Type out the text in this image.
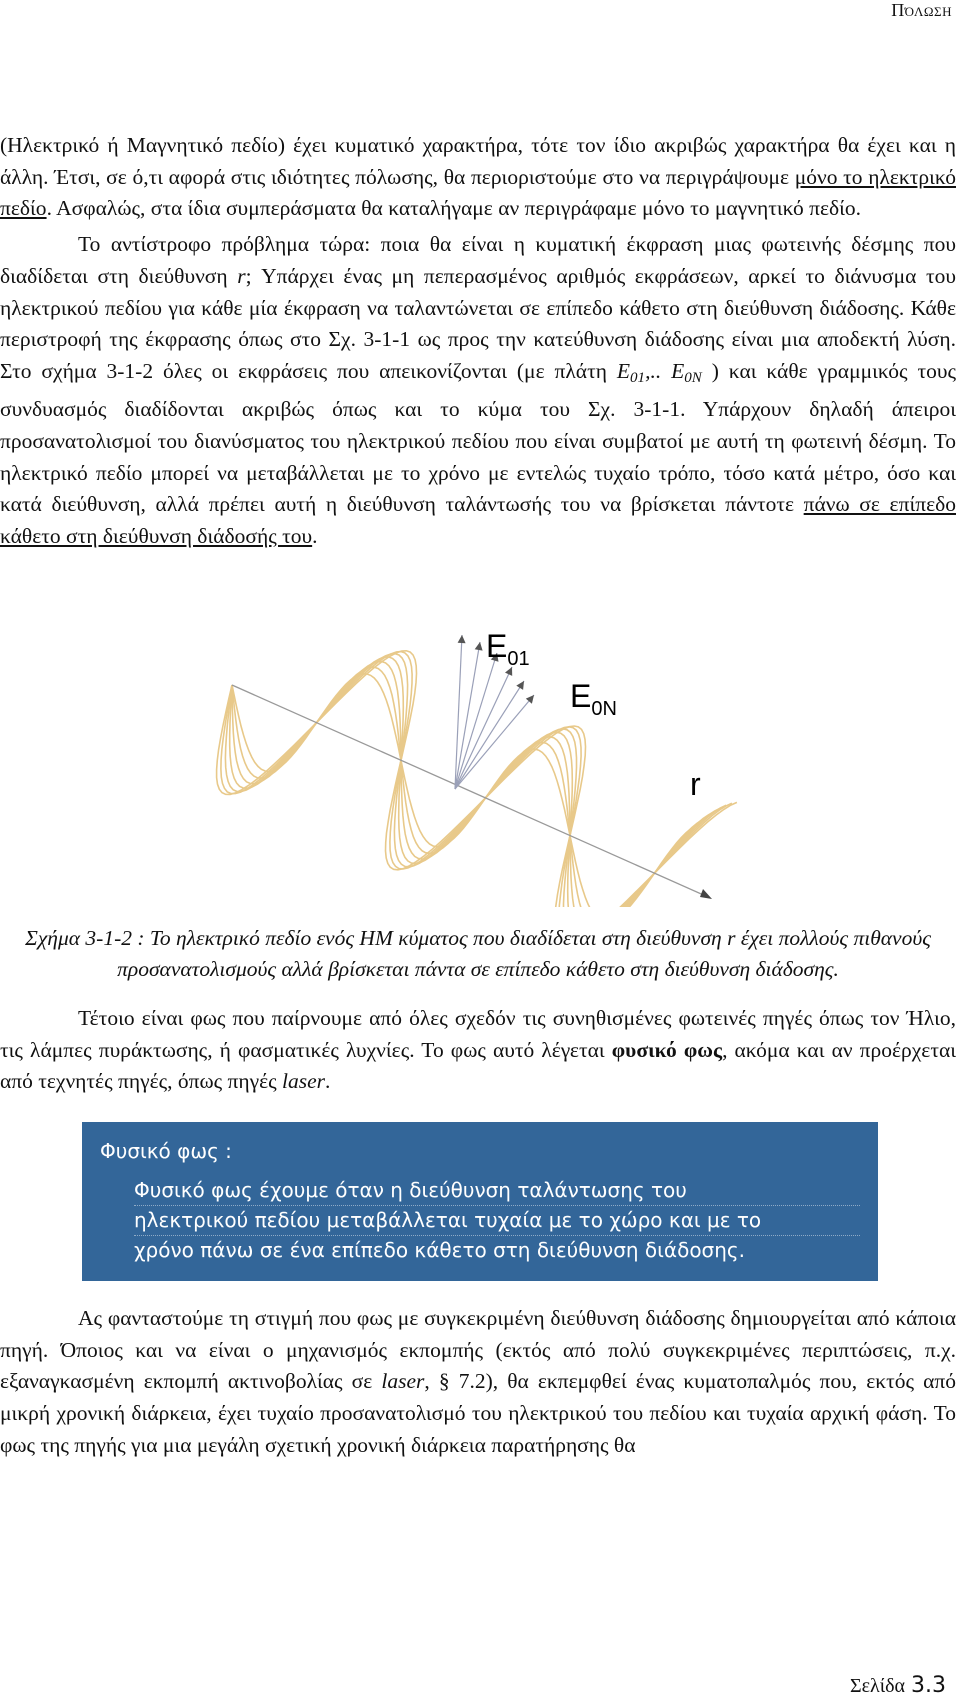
Πόλωση

(Ηλεκτρικό ή Μαγνητικό πεδίο) έχει κυματικό χαρακτήρα, τότε τον ίδιο ακριβώς χαρακτήρα θα έχει και η άλλη. Έτσι, σε ό,τι αφορά στις ιδιότητες πόλωσης, θα περιοριστούμε στο να περιγράψουμε μόνο το ηλεκτρικό πεδίο. Ασφαλώς, στα ίδια συμπεράσματα θα καταλήγαμε αν περιγράφαμε μόνο το μαγνητικό πεδίο.

Το αντίστροφο πρόβλημα τώρα: ποια θα είναι η κυματική έκφραση μιας φωτεινής δέσμης που διαδίδεται στη διεύθυνση r; Υπάρχει ένας μη πεπερασμένος αριθμός εκφράσεων, αρκεί το διάνυσμα του ηλεκτρικού πεδίου για κάθε μία έκφραση να ταλαντώνεται σε επίπεδο κάθετο στη διεύθυνση διάδοσης. Κάθε περιστροφή της έκφρασης όπως στο Σχ. 3-1-1 ως προς την κατεύθυνση διάδοσης είναι μια αποδεκτή λύση. Στο σχήμα 3-1-2 όλες οι εκφράσεις που απεικονίζονται (με πλάτη $E_{01}$,.. $E_{0N}$ ) και κάθε γραμμικός τους συνδυασμός διαδίδονται ακριβώς όπως και το κύμα του Σχ. 3-1-1. Υπάρχουν δηλαδή άπειροι προσανατολισμοί του διανύσματος του ηλεκτρικού πεδίου που είναι συμβατοί με αυτή τη φωτεινή δέσμη. Το ηλεκτρικό πεδίο μπορεί να μεταβάλλεται με το χρόνο με εντελώς τυχαίο τρόπο, τόσο κατά μέτρο, όσο και κατά διεύθυνση, αλλά πρέπει αυτή η διεύθυνση ταλάντωσής του να βρίσκεται πάντοτε πάνω σε επίπεδο κάθετο στη διεύθυνση διάδοσής του.

$E_{01}$
$E_{0N}$
r
Σχήμα 3-1-2 : Το ηλεκτρικό πεδίο ενός ΗΜ κύματος που διαδίδεται στη διεύθυνση r έχει πολλούς πιθανούς προσανατολισμούς αλλά βρίσκεται πάντα σε επίπεδο κάθετο στη διεύθυνση διάδοσης.

Τέτοιο είναι φως που παίρνουμε από όλες σχεδόν τις συνηθισμένες φωτεινές πηγές όπως τον Ήλιο, τις λάμπες πυράκτωσης, ή φασματικές λυχνίες. Το φως αυτό λέγεται φυσικό φως, ακόμα και αν προέρχεται από τεχνητές πηγές, όπως πηγές laser.

Φυσικό φως :
Φυσικό φως έχουμε όταν η διεύθυνση ταλάντωσης του
ηλεκτρικού πεδίου μεταβάλλεται τυχαία με το χώρο και με το
χρόνο πάνω σε ένα επίπεδο κάθετο στη διεύθυνση διάδοσης.

Ας φανταστούμε τη στιγμή που φως με συγκεκριμένη διεύθυνση διάδοσης δημιουργείται από κάποια πηγή. Όποιος και να είναι ο μηχανισμός εκπομπής (εκτός από πολύ συγκεκριμένες περιπτώσεις, π.χ. εξαναγκασμένη εκπομπή ακτινοβολίας σε laser, § 7.2), θα εκπεμφθεί ένας κυματοπαλμός που, εκτός από μικρή χρονική διάρκεια, έχει τυχαίο προσανατολισμό του ηλεκτρικού του πεδίου και τυχαία αρχική φάση. Το φως της πηγής για μια μεγάλη σχετική χρονική διάρκεια παρατήρησης θα

Σελίδα 3.3
